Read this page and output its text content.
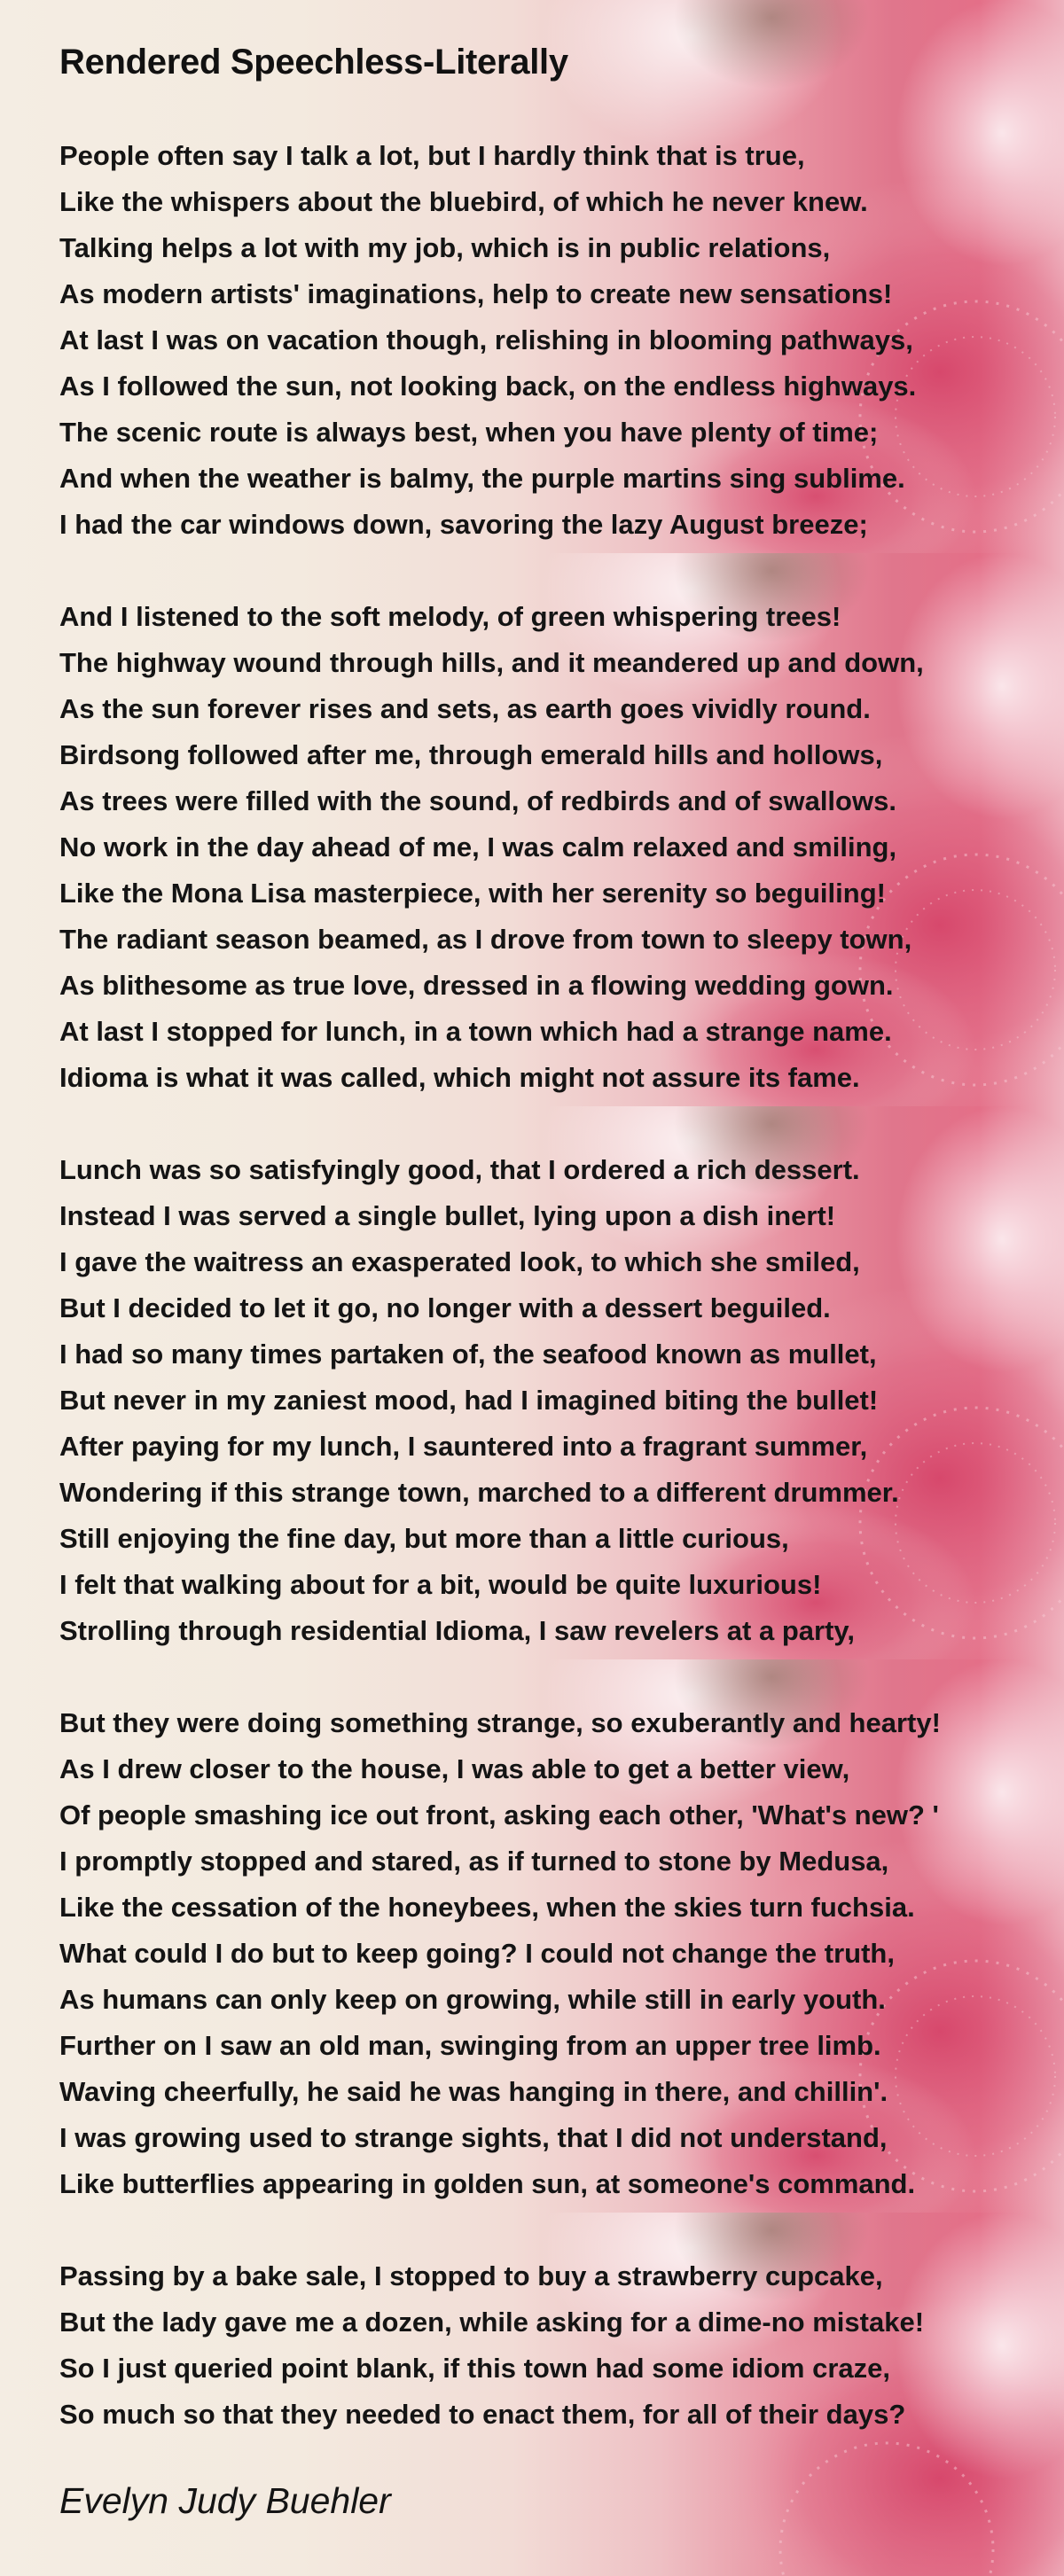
Rendered Speechless-Literally
People often say I talk a lot, but I hardly think that is true,
Like the whispers about the bluebird, of which he never knew.
Talking helps a lot with my job, which is in public relations,
As modern artists' imaginations, help to create new sensations!
At last I was on vacation though, relishing in blooming pathways,
As I followed the sun, not looking back, on the endless highways.
The scenic route is always best, when you have plenty of time;
And when the weather is balmy, the purple martins sing sublime.
I had the car windows down, savoring the lazy August breeze;
And I listened to the soft melody, of green whispering trees!
The highway wound through hills, and it meandered up and down,
As the sun forever rises and sets, as earth goes vividly round.
Birdsong followed after me, through emerald hills and hollows,
As trees were filled with the sound, of redbirds and of swallows.
No work in the day ahead of me, I was calm relaxed and smiling,
Like the Mona Lisa masterpiece, with her serenity so beguiling!
The radiant season beamed, as I drove from town to sleepy town,
As blithesome as true love, dressed in a flowing wedding gown.
At last I stopped for lunch, in a town which had a strange name.
Idioma is what it was called, which might not assure its fame.
Lunch was so satisfyingly good, that I ordered a rich dessert.
Instead I was served a single bullet, lying upon a dish inert!
I gave the waitress an exasperated look, to which she smiled,
But I decided to let it go, no longer with a dessert beguiled.
I had so many times partaken of, the seafood known as mullet,
But never in my zaniest mood, had I imagined biting the bullet!
After paying for my lunch, I sauntered into a fragrant summer,
Wondering if this strange town, marched to a different drummer.
Still enjoying the fine day, but more than a little curious,
I felt that walking about for a bit, would be quite luxurious!
Strolling through residential Idioma, I saw revelers at a party,
But they were doing something strange, so exuberantly and hearty!
As I drew closer to the house, I was able to get a better view,
Of people smashing ice out front, asking each other, 'What's new? '
I promptly stopped and stared, as if turned to stone by Medusa,
Like the cessation of the honeybees, when the skies turn fuchsia.
What could I do but to keep going? I could not change the truth,
As humans can only keep on growing, while still in early youth.
Further on I saw an old man, swinging from an upper tree limb.
Waving cheerfully, he said he was hanging in there, and chillin'.
I was growing used to strange sights, that I did not understand,
Like butterflies appearing in golden sun, at someone's command.
Passing by a bake sale, I stopped to buy a strawberry cupcake,
But the lady gave me a dozen, while asking for a dime-no mistake!
So I just queried point blank, if this town had some idiom craze,
So much so that they needed to enact them, for all of their days?

Evelyn Judy Buehler
